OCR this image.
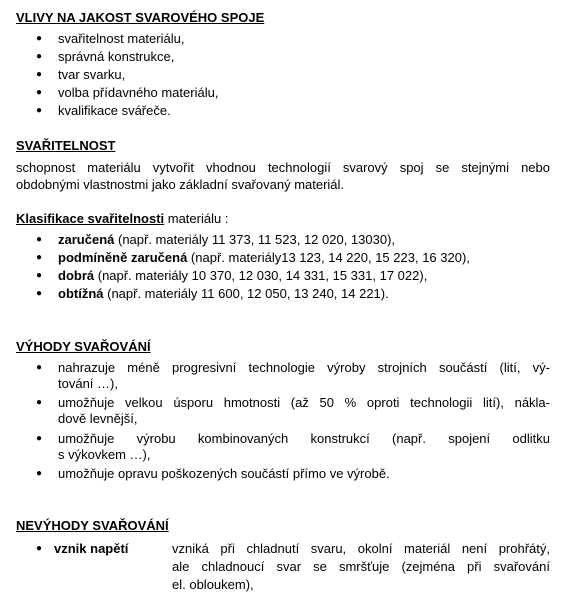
VLIVY NA JAKOST SVAROVÉHO SPOJE
● svařitelnost materiálu,
● správná konstrukce,
● tvar svarku,
● volba přídavného materiálu,
● kvalifikace svářeče.
SVAŘITELNOST
schopnost materiálu vytvořit vhodnou technologií svarový spoj se stejnými nebo
obdobnými vlastnostmi jako základní svařovaný materiál.
Klasifikace svařitelnosti materiálu :
● zaručená (např. materiály 11 373, 11 523, 12 020, 13030),
● podmíněně zaručená (např. materiály13 123, 14 220, 15 223, 16 320),
● dobrá (např. materiály 10 370, 12 030, 14 331, 15 331, 17 022),
● obtížná (např. materiály 11 600, 12 050, 13 240, 14 221).
VÝHODY SVAŘOVÁNÍ
● nahrazuje méně progresivní technologie výroby strojních součástí (lití, vý-
tování …),
● umožňuje velkou úsporu hmotnosti (až 50 % oproti technologii lití), nákla-
dově levnější,
● umožňuje výrobu kombinovaných konstrukcí (např. spojení odlitku
s výkovkem …),
● umožňuje opravu poškozených součástí přímo ve výrobě.
NEVÝHODY SVAŘOVÁNÍ
● vznik napětí	vzniká při chladnutí svaru, okolní materiál není prohřátý,
ale chladnoucí svar se smršťuje (zejména při svařování
el. obloukem),
